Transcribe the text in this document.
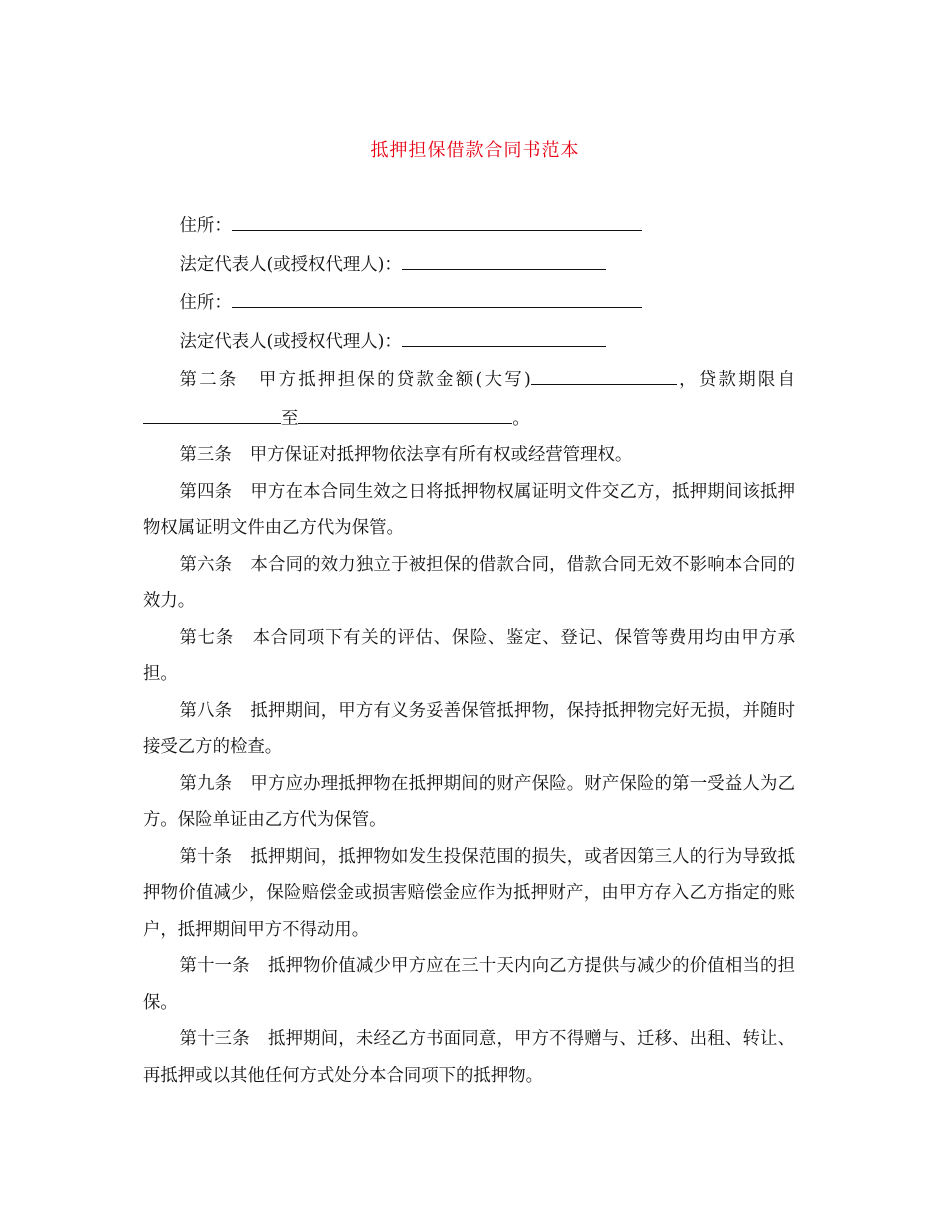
抵押担保借款合同书范本

住所：

法定代表人(或授权代理人)：

住所：

法定代表人(或授权代理人)：

第二条 甲方抵押担保的贷款金额(大写)	，贷款期限自至	。

第三条 甲方保证对抵押物依法享有所有权或经营管理权。

第四条 甲方在本合同生效之日将抵押物权属证明文件交乙方，抵押期间该抵押物权属证明文件由乙方代为保管。

第六条 本合同的效力独立于被担保的借款合同，借款合同无效不影响本合同的效力。

第七条 本合同项下有关的评估、保险、鉴定、登记、保管等费用均由甲方承担。

第八条 抵押期间，甲方有义务妥善保管抵押物，保持抵押物完好无损，并随时接受乙方的检查。

第九条 甲方应办理抵押物在抵押期间的财产保险。财产保险的第一受益人为乙方。保险单证由乙方代为保管。

第十条 抵押期间，抵押物如发生投保范围的损失，或者因第三人的行为导致抵押物价值减少，保险赔偿金或损害赔偿金应作为抵押财产，由甲方存入乙方指定的账户，抵押期间甲方不得动用。

第十一条 抵押物价值减少甲方应在三十天内向乙方提供与减少的价值相当的担保。

第十三条 抵押期间，未经乙方书面同意，甲方不得赠与、迁移、出租、转让、再抵押或以其他任何方式处分本合同项下的抵押物。
